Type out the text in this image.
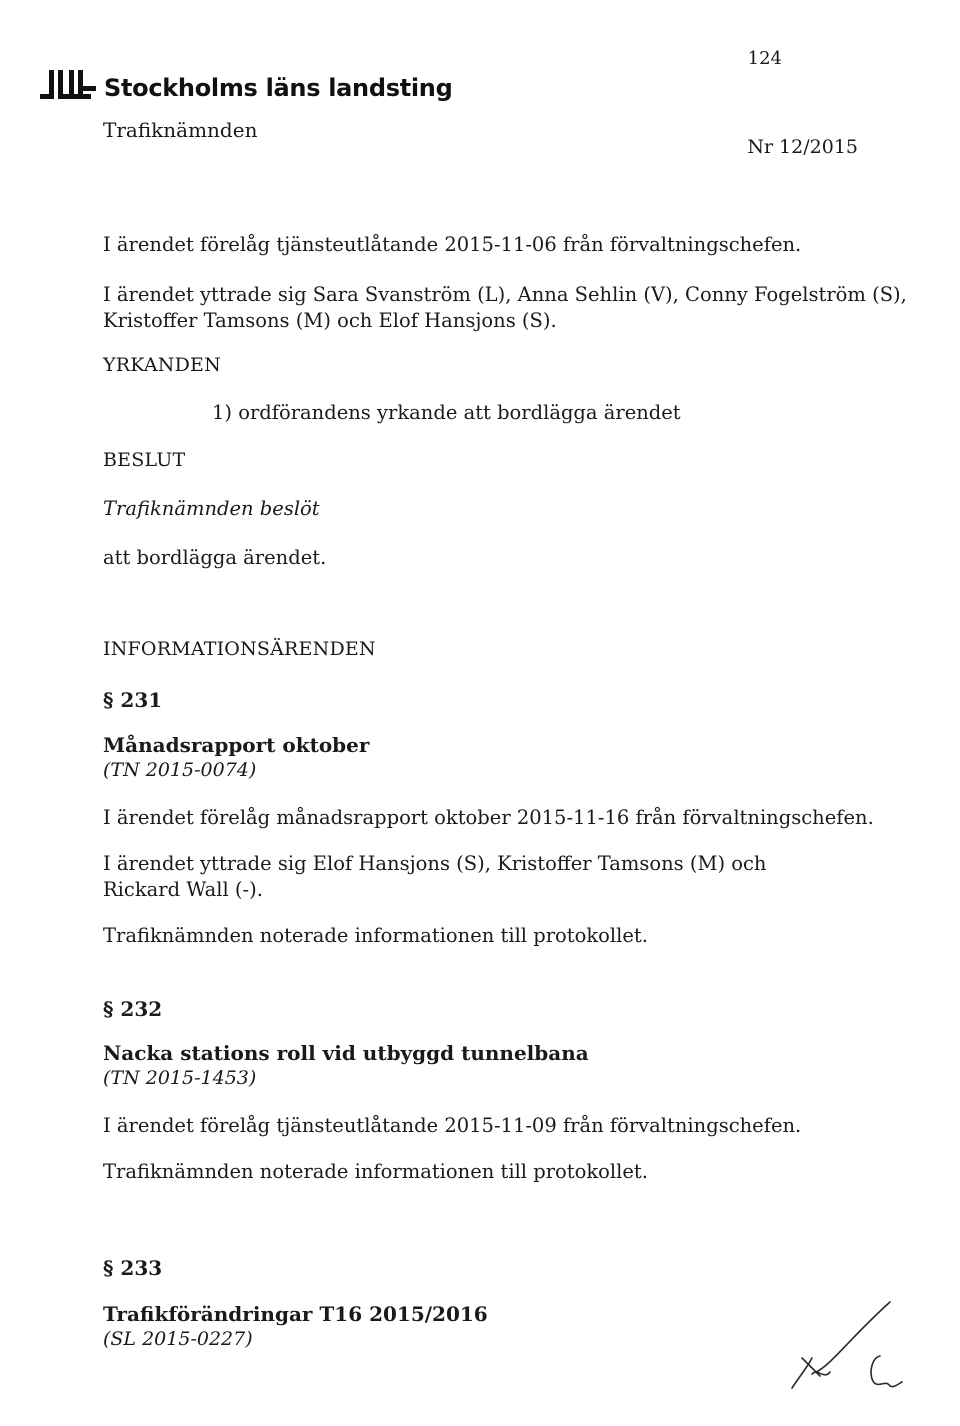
Stockholms läns landsting
124
Trafiknämnden
Nr 12/2015
I ärendet förelåg tjänsteutlåtande 2015-11-06 från förvaltningschefen.
I ärendet yttrade sig Sara Svanström (L), Anna Sehlin (V), Conny Fogelström (S),
Kristoffer Tamsons (M) och Elof Hansjons (S).
YRKANDEN
1) ordförandens yrkande att bordlägga ärendet
BESLUT
Trafiknämnden beslöt
att bordlägga ärendet.
INFORMATIONSÄRENDEN
§ 231
Månadsrapport oktober
(TN 2015-0074)
I ärendet förelåg månadsrapport oktober 2015-11-16 från förvaltningschefen.
I ärendet yttrade sig Elof Hansjons (S), Kristoffer Tamsons (M) och
Rickard Wall (-).
Trafiknämnden noterade informationen till protokollet.
§ 232
Nacka stations roll vid utbyggd tunnelbana
(TN 2015-1453)
I ärendet förelåg tjänsteutlåtande 2015-11-09 från förvaltningschefen.
Trafiknämnden noterade informationen till protokollet.
§ 233
Trafikförändringar T16 2015/2016
(SL 2015-0227)
